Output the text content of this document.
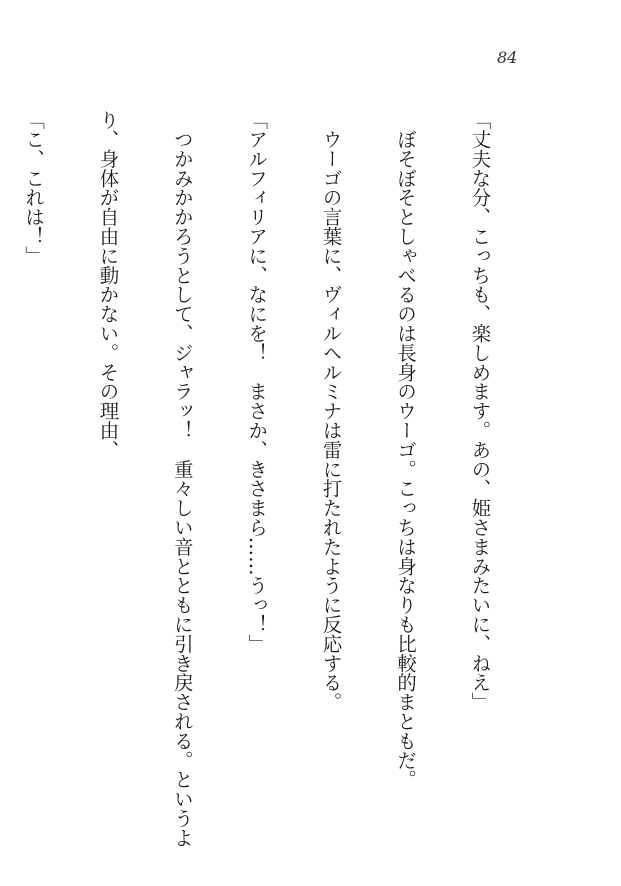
84

「丈夫な分、こっちも、楽しめます。あの、姫さまみたいに、ねえ」

　ぼそぼそとしゃべるのは長身のウーゴ。こっちは身なりも比較的まともだ。

　ウーゴの言葉に、ヴィルヘルミナは雷に打たれたように反応する。

「アルフィリアに、なにを！　まさか、きさまら……うっ！」

　つかみかかろうとして、ジャラッ！　重々しい音とともに引き戻される。というよ

り、身体が自由に動かない。その理由、

「こ、これは！」
